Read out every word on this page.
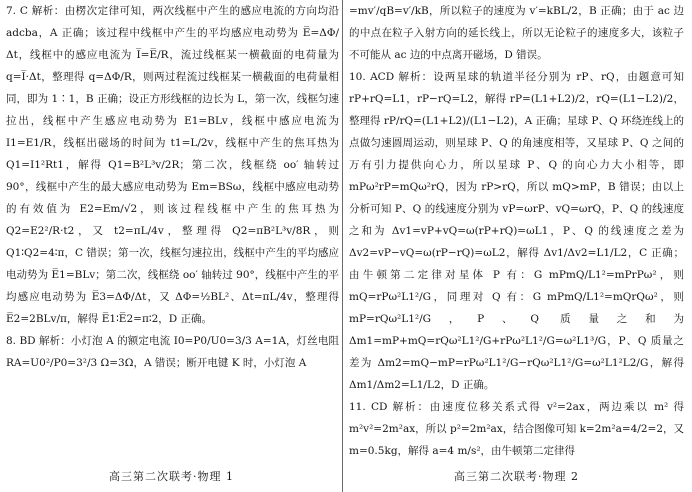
7. C 解析：由楞次定律可知，两次线框中产生的感应电流的方向均沿 adcba，A 正确；该过程中线框中产生的平均感应电动势为 E̅=ΔΦ/Δt，线框中的感应电流为 I̅=E̅/R，流过线框某一横截面的电荷量为 q=I̅·Δt，整理得 q=ΔΦ/R，则两过程流过线框某一横截面的电荷量相同，即为 1∶1，B 正确；设正方形线框的边长为 L，第一次，线框匀速拉出，线框中产生感应电动势为 E1=BLv，线框中感应电流为 I1=E1/R，线框出磁场的时间为 t1=L/2v，线框中产生的焦耳热为 Q1=I1²Rt1，解得 Q1=B²L³v/2R；第二次，线框绕 oo′ 轴转过 90°，线框中产生的最大感应电动势为 Em=BSω，线框中感应电动势的有效值为 E2=Em/√2，则该过程线框中产生的焦耳热为 Q2=E2²/R·t2，又 t2=πL/4v，整理得 Q2=πB²L³v/8R，则 Q1∶Q2=4∶π，C 错误；第一次，线框匀速拉出，线框中产生的平均感应电动势为 E̅1=BLv；第二次，线框绕 oo′ 轴转过 90°，线框中产生的平均感应电动势为 E̅3=ΔΦ/Δt，又 ΔΦ=½BL²、Δt=πL/4v，整理得 E̅2=2BLv/π，解得 E̅1∶E̅2=π∶2，D 正确。

8. BD 解析：小灯泡 A 的额定电流 I0=P0/U0=3/3 A=1A，灯丝电阻 RA=U0²/P0=3²/3 Ω=3Ω，A 错误；断开电键 K 时，小灯泡 A

高三第二次联考·物理 1

=mv′/qB=v′/kB，所以粒子的速度为 v′=kBL/2，B 正确；由于 ac 边的中点在粒子入射方向的延长线上，所以无论粒子的速度多大，该粒子不可能从 ac 边的中点离开磁场，D 错误。

10. ACD 解析：设两星球的轨道半径分别为 rP、rQ，由题意可知 rP+rQ=L1，rP−rQ=L2，解得 rP=(L1+L2)/2，rQ=(L1−L2)/2，整理得 rP/rQ=(L1+L2)/(L1−L2)，A 正确；星球 P、Q 环绕连线上的点做匀速圆周运动，则星球 P、Q 的角速度相等，又星球 P、Q 之间的万有引力提供向心力，所以星球 P、Q 的向心力大小相等，即 mPω²rP=mQω²rQ，因为 rP>rQ，所以 mQ>mP，B 错误；由以上分析可知 P、Q 的线速度分别为 vP=ωrP、vQ=ωrQ，P、Q 的线速度之和为 Δv1=vP+vQ=ω(rP+rQ)=ωL1，P、Q 的线速度之差为 Δv2=vP−vQ=ω(rP−rQ)=ωL2，解得 Δv1/Δv2=L1/L2，C 正确；由牛顿第二定律对星体 P 有：G mPmQ/L1²=mPrPω²，则 mQ=rPω²L1²/G，同理对 Q 有：G mPmQ/L1²=mQrQω²，则 mP=rQω²L1²/G，P、Q 质量之和为 Δm1=mP+mQ=rQω²L1²/G+rPω²L1²/G=ω²L1³/G，P、Q 质量之差为 Δm2=mQ−mP=rPω²L1²/G−rQω²L1²/G=ω²L1²L2/G，解得 Δm1/Δm2=L1/L2，D 正确。

11. CD 解析：由速度位移关系式得 v²=2ax，两边乘以 m² 得 m²v²=2m²ax，所以 p²=2m²ax，结合图像可知 k=2m²a=4/2=2，又 m=0.5kg，解得 a=4 m/s²，由牛顿第二定律得

高三第二次联考·物理 2
